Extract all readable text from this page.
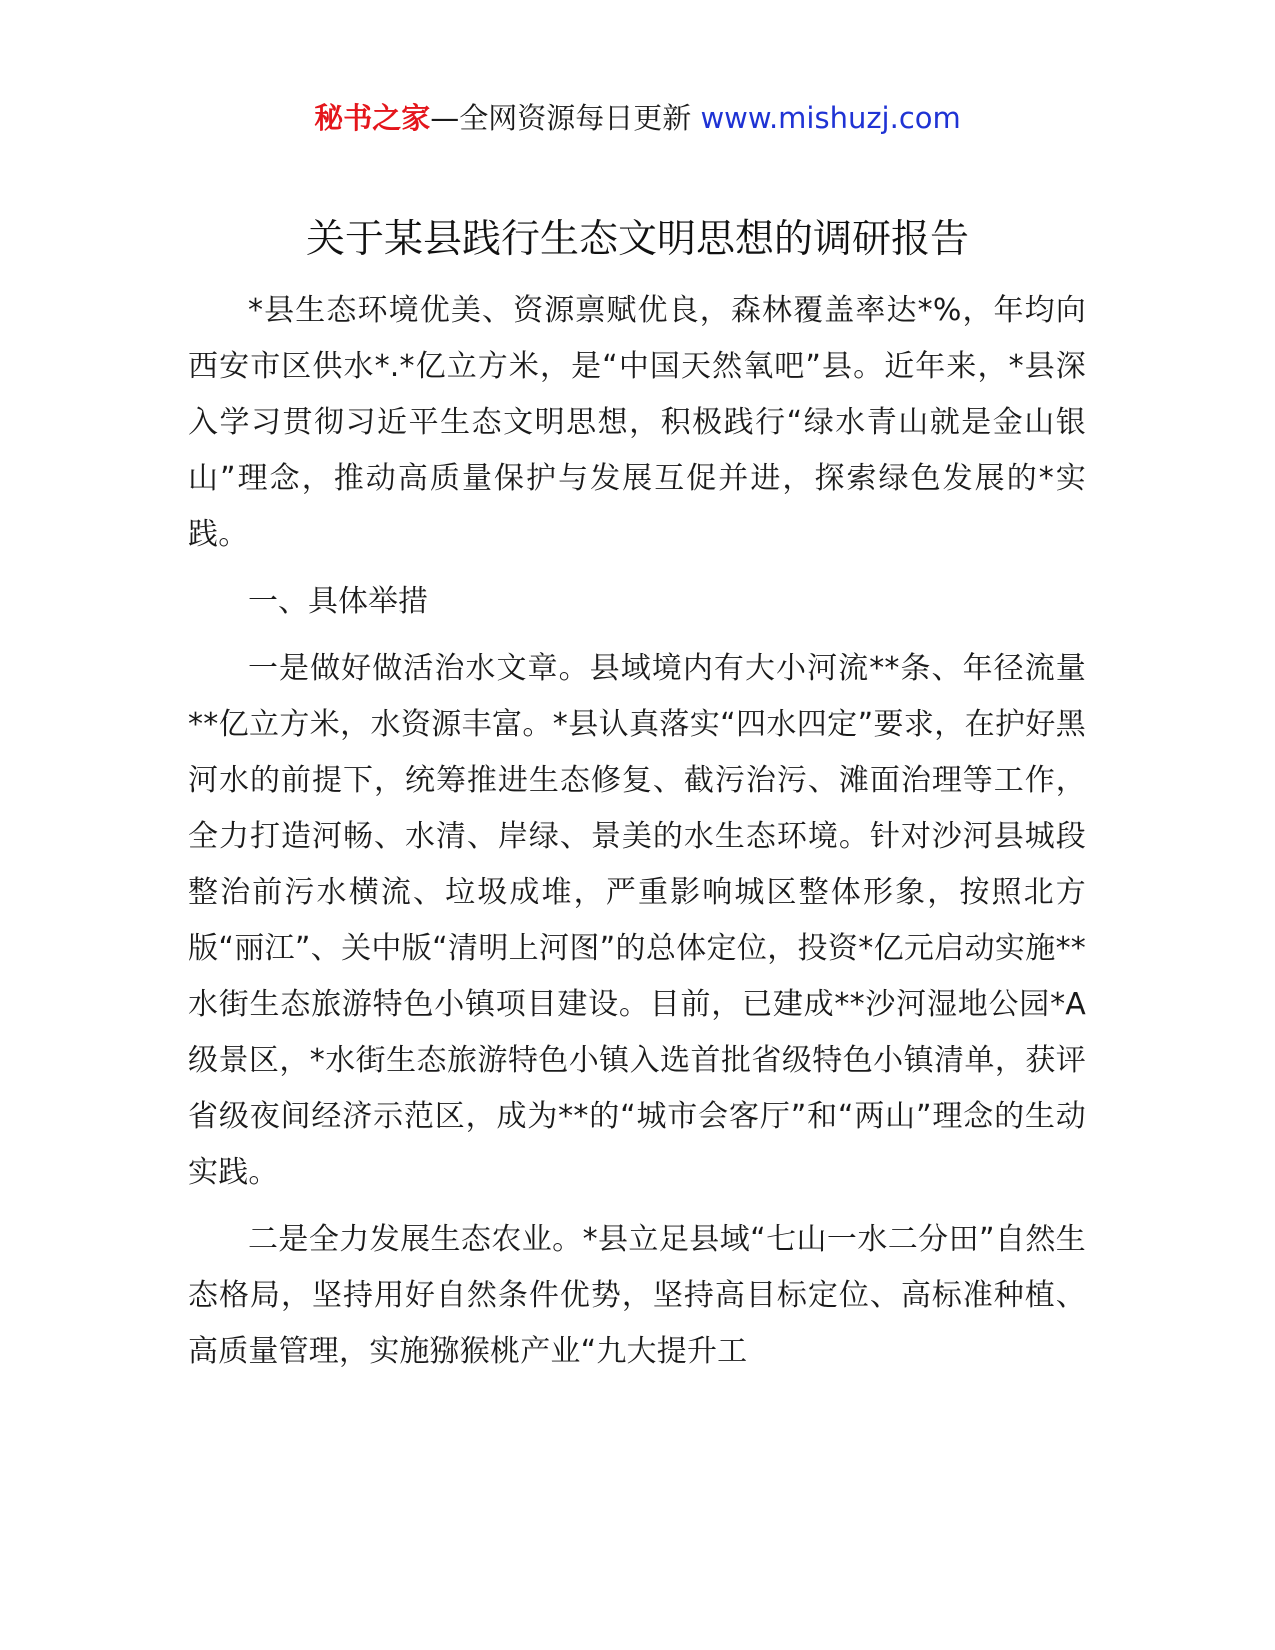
秘书之家—全网资源每日更新 www.mishuzj.com
关于某县践行生态文明思想的调研报告

*县生态环境优美、资源禀赋优良，森林覆盖率达*%，年均向西安市区供水*.*亿立方米，是“中国天然氧吧”县。近年来，*县深入学习贯彻习近平生态文明思想，积极践行“绿水青山就是金山银山”理念，推动高质量保护与发展互促并进，探索绿色发展的*实践。

一、具体举措

一是做好做活治水文章。县域境内有大小河流**条、年径流量**亿立方米，水资源丰富。*县认真落实“四水四定”要求，在护好黑河水的前提下，统筹推进生态修复、截污治污、滩面治理等工作，全力打造河畅、水清、岸绿、景美的水生态环境。针对沙河县城段整治前污水横流、垃圾成堆，严重影响城区整体形象，按照北方版“丽江”、关中版“清明上河图”的总体定位，投资*亿元启动实施**水街生态旅游特色小镇项目建设。目前，已建成**沙河湿地公园*A级景区，*水街生态旅游特色小镇入选首批省级特色小镇清单，获评省级夜间经济示范区，成为**的“城市会客厅”和“两山”理念的生动实践。

二是全力发展生态农业。*县立足县域“七山一水二分田”自然生态格局，坚持用好自然条件优势，坚持高目标定位、高标准种植、高质量管理，实施猕猴桃产业“九大提升工
